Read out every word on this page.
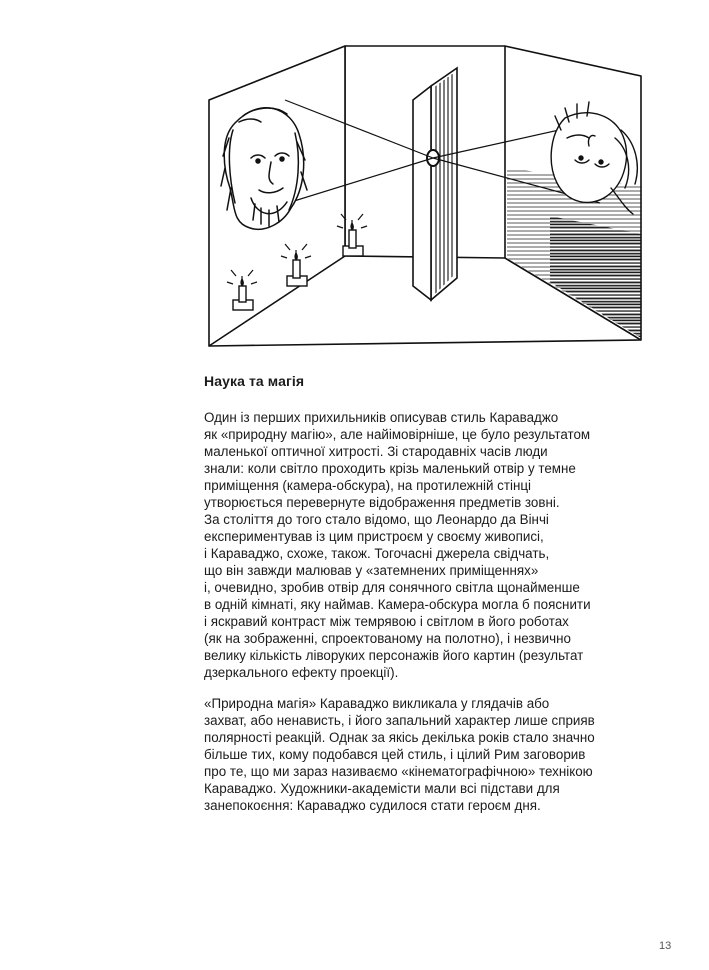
Наука та магія

Один із перших прихильників описував стиль Караваджо
як «природну магію», але найімовірніше, це було результатом
маленької оптичної хитрості. Зі стародавніх часів люди
знали: коли світло проходить крізь маленький отвір у темне
приміщення (камера-обскура), на протилежній стінці
утворюється перевернуте відображення предметів зовні.
За століття до того стало відомо, що Леонардо да Вінчі
експериментував із цим пристроєм у своєму живописі,
і Караваджо, схоже, також. Тогочасні джерела свідчать,
що він завжди малював у «затемнених приміщеннях»
і, очевидно, зробив отвір для сонячного світла щонайменше
в одній кімнаті, яку наймав. Камера-обскура могла б пояснити
і яскравий контраст між темрявою і світлом в його роботах
(як на зображенні, спроектованому на полотно), і незвично
велику кількість ліворуких персонажів його картин (результат
дзеркального ефекту проекції).

«Природна магія» Караваджо викликала у глядачів або
захват, або ненависть, і його запальний характер лише сприяв
полярності реакцій. Однак за якісь декілька років стало значно
більше тих, кому подобався цей стиль, і цілий Рим заговорив
про те, що ми зараз називаємо «кінематографічною» технікою
Караваджо. Художники-академісти мали всі підстави для
занепокоєння: Караваджо судилося стати героєм дня.

13
